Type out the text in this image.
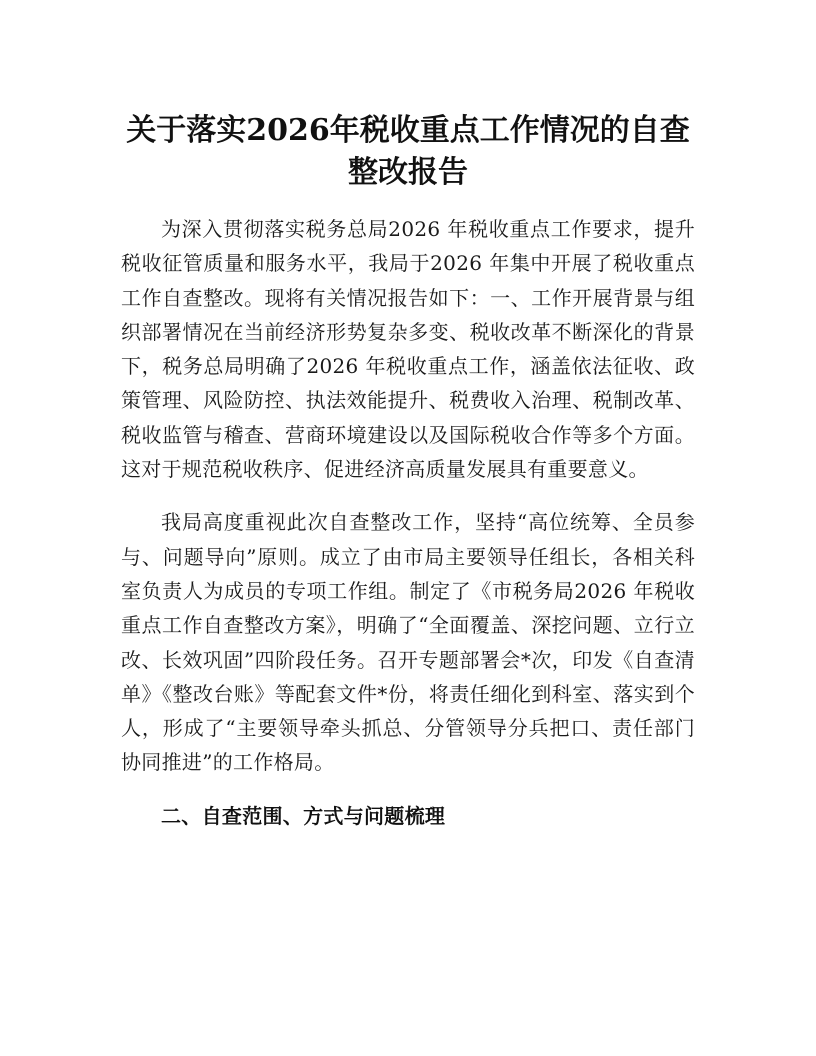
关于落实2026年税收重点工作情况的自查整改报告

为深入贯彻落实税务总局2026 年税收重点工作要求，提升税收征管质量和服务水平，我局于2026 年集中开展了税收重点工作自查整改。现将有关情况报告如下：一、工作开展背景与组织部署情况在当前经济形势复杂多变、税收改革不断深化的背景下，税务总局明确了2026 年税收重点工作，涵盖依法征收、政策管理、风险防控、执法效能提升、税费收入治理、税制改革、税收监管与稽查、营商环境建设以及国际税收合作等多个方面。这对于规范税收秩序、促进经济高质量发展具有重要意义。

我局高度重视此次自查整改工作，坚持“高位统筹、全员参与、问题导向”原则。成立了由市局主要领导任组长，各相关科室负责人为成员的专项工作组。制定了《市税务局2026 年税收重点工作自查整改方案》，明确了“全面覆盖、深挖问题、立行立改、长效巩固”四阶段任务。召开专题部署会*次，印发《自查清单》《整改台账》等配套文件*份，将责任细化到科室、落实到个人，形成了“主要领导牵头抓总、分管领导分兵把口、责任部门协同推进”的工作格局。

二、自查范围、方式与问题梳理
